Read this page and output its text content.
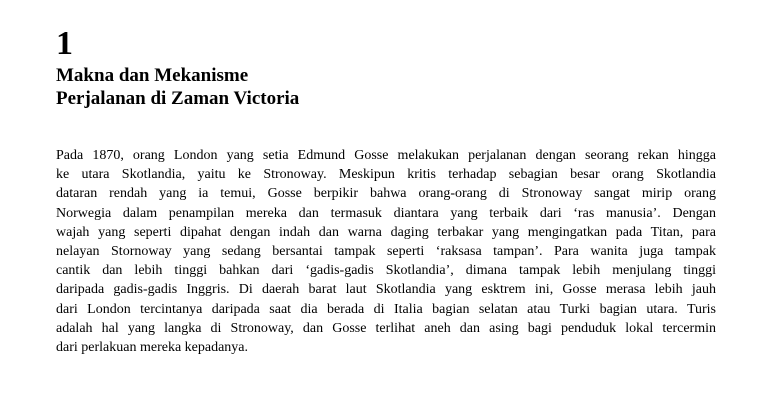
1
Makna dan Mekanisme
Perjalanan di Zaman Victoria
Pada 1870, orang London yang setia Edmund Gosse melakukan perjalanan dengan seorang rekan hingga
ke utara Skotlandia, yaitu ke Stronoway. Meskipun kritis terhadap sebagian besar orang Skotlandia
dataran rendah yang ia temui, Gosse berpikir bahwa orang-orang di Stronoway sangat mirip orang
Norwegia dalam penampilan mereka dan termasuk diantara yang terbaik dari ‘ras manusia’. Dengan
wajah yang seperti dipahat dengan indah dan warna daging terbakar yang mengingatkan pada Titan, para
nelayan Stornoway yang sedang bersantai tampak seperti ‘raksasa tampan’. Para wanita juga tampak
cantik dan lebih tinggi bahkan dari ‘gadis-gadis Skotlandia’, dimana tampak lebih menjulang tinggi
daripada gadis-gadis Inggris. Di daerah barat laut Skotlandia yang esktrem ini, Gosse merasa lebih jauh
dari London tercintanya daripada saat dia berada di Italia bagian selatan atau Turki bagian utara. Turis
adalah hal yang langka di Stronoway, dan Gosse terlihat aneh dan asing bagi penduduk lokal tercermin
dari perlakuan mereka kepadanya.
